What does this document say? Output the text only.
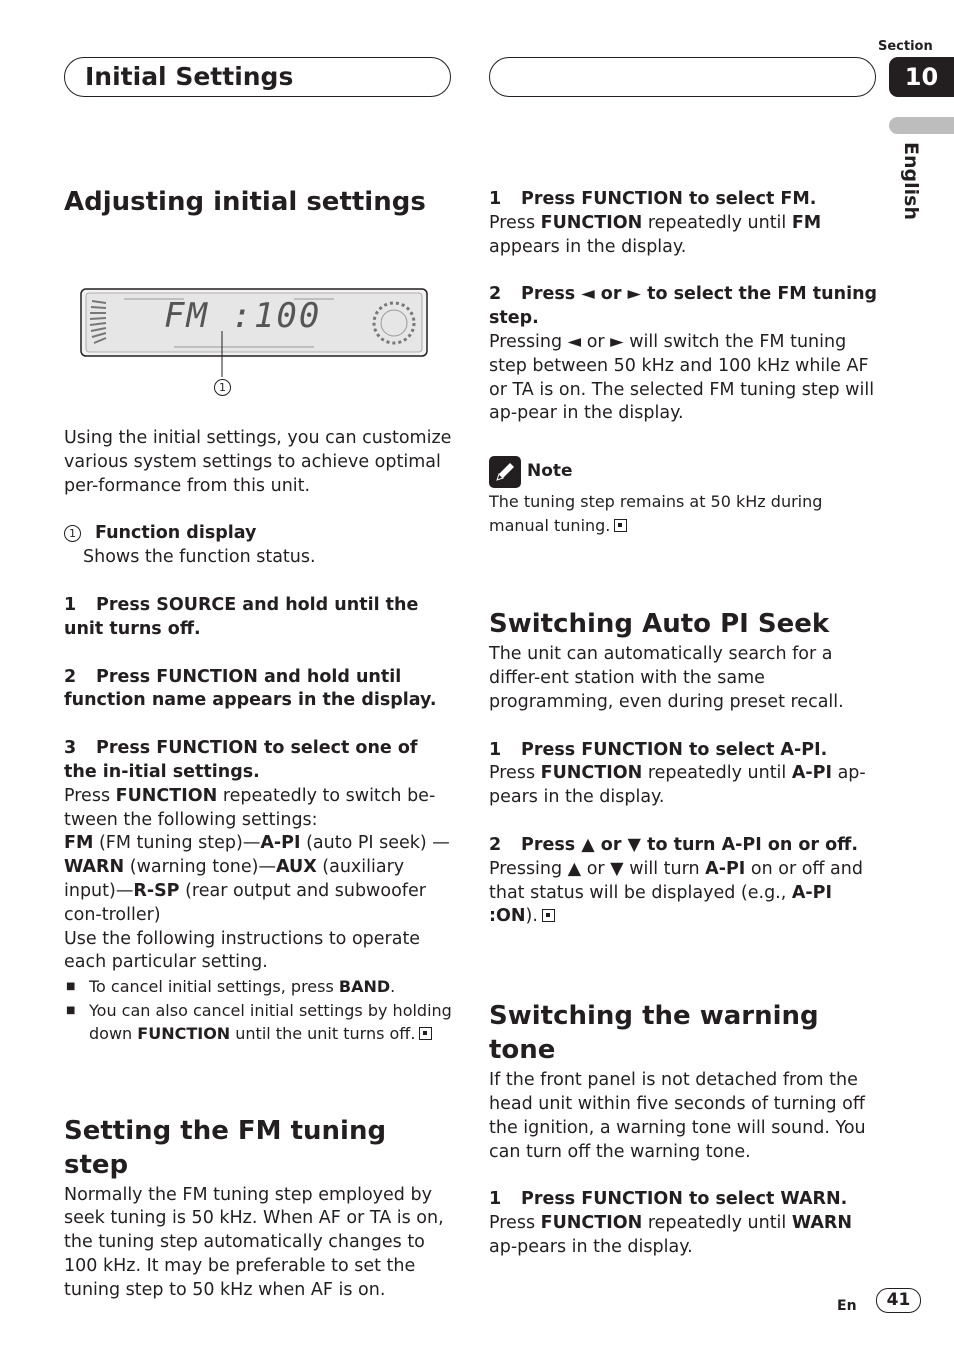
Initial Settings
Section
10
English
Adjusting initial settings
FM :100
1

Using the initial settings, you can customize various system settings to achieve optimal per-formance from this unit.

1 Function display

Shows the function status.

1 Press SOURCE and hold until the unit turns off.

2 Press FUNCTION and hold until function name appears in the display.

3 Press FUNCTION to select one of the in-itial settings.

Press FUNCTION repeatedly to switch be-tween the following settings:

FM (FM tuning step)—A-PI (auto PI seek) —WARN (warning tone)—AUX (auxiliary input)—R-SP (rear output and subwoofer con-troller)

Use the following instructions to operate each particular setting.

■ To cancel initial settings, press BAND.

■ You can also cancel initial settings by holding down FUNCTION until the unit turns off.

Setting the FM tuning step

Normally the FM tuning step employed by seek tuning is 50 kHz. When AF or TA is on, the tuning step automatically changes to 100 kHz. It may be preferable to set the tuning step to 50 kHz when AF is on.

1 Press FUNCTION to select FM.

Press FUNCTION repeatedly until FM appears in the display.

2 Press ◄ or ► to select the FM tuning step.

Pressing ◄ or ► will switch the FM tuning step between 50 kHz and 100 kHz while AF or TA is on. The selected FM tuning step will ap-pear in the display.

Note

The tuning step remains at 50 kHz during manual tuning.

Switching Auto PI Seek

The unit can automatically search for a differ-ent station with the same programming, even during preset recall.

1 Press FUNCTION to select A-PI.

Press FUNCTION repeatedly until A-PI ap-pears in the display.

2 Press ▲ or ▼ to turn A-PI on or off.

Pressing ▲ or ▼ will turn A-PI on or off and that status will be displayed (e.g., A-PI :ON).

Switching the warning tone

If the front panel is not detached from the head unit within five seconds of turning off the ignition, a warning tone will sound. You can turn off the warning tone.

1 Press FUNCTION to select WARN.

Press FUNCTION repeatedly until WARN ap-pears in the display.

En	41
